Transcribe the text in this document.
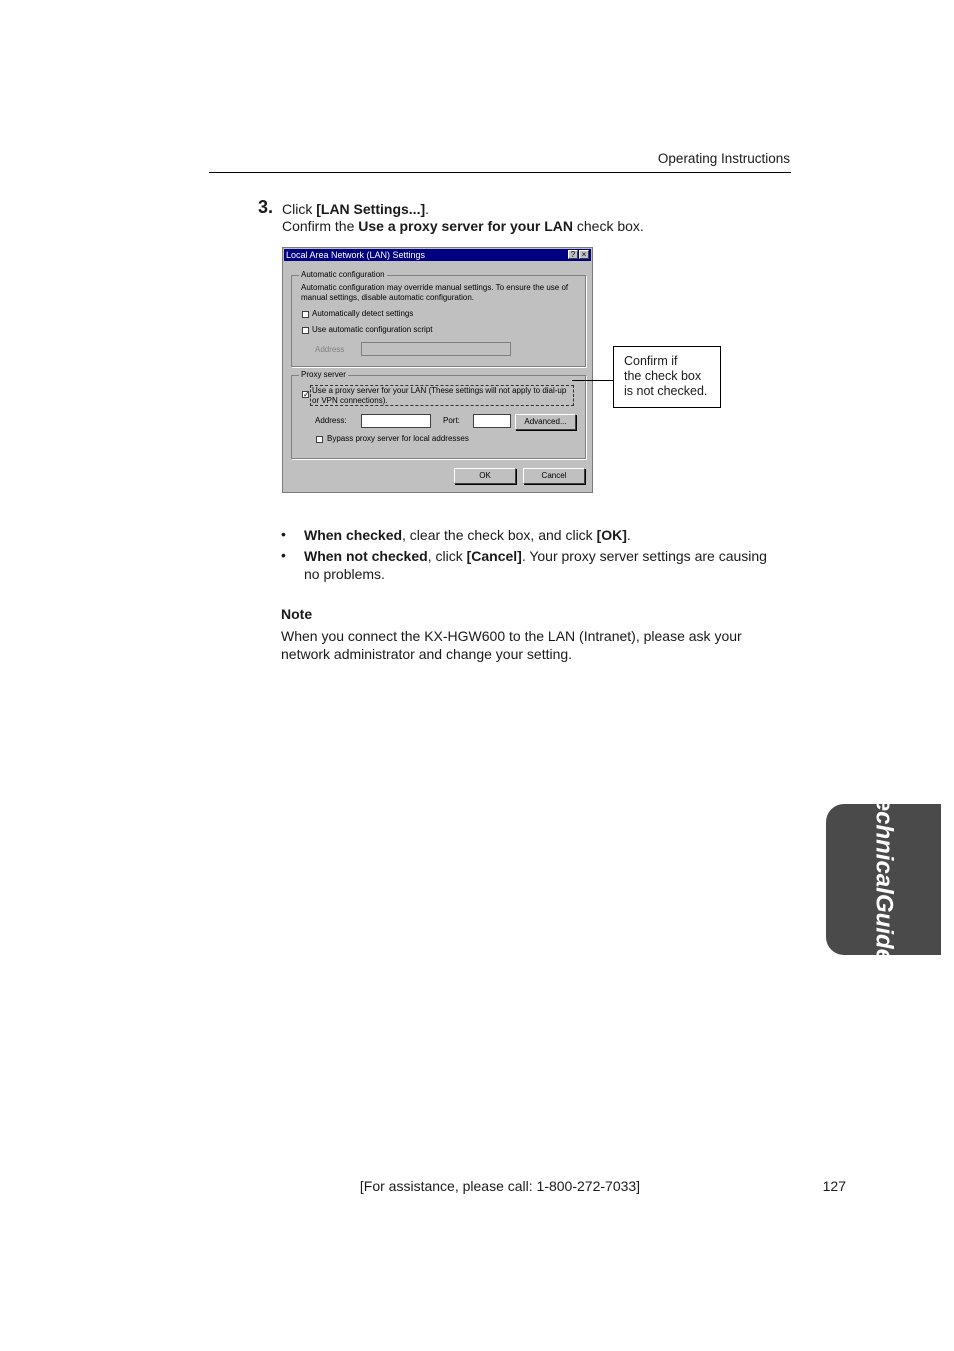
Operating Instructions
3. Click [LAN Settings...].
Confirm the Use a proxy server for your LAN check box.
Local Area Network (LAN) Settings	? ×
Automatic configuration
Automatic configuration may override manual settings. To ensure the use of
manual settings, disable automatic configuration.
Automatically detect settings
Use automatic configuration script
Address
Proxy server
✓ Use a proxy server for your LAN (These settings will not apply to dial-up
or VPN connections).
Address:	Port:	Advanced...
Bypass proxy server for local addresses
OK	Cancel
Confirm if
the check box
is not checked.
• When checked, clear the check box, and click [OK].
• When not checked, click [Cancel]. Your proxy server settings are causing
no problems.
Note
When you connect the KX-HGW600 to the LAN (Intranet), please ask your
network administrator and change your setting.
Technical
Guides
[For assistance, please call: 1-800-272-7033]	127
